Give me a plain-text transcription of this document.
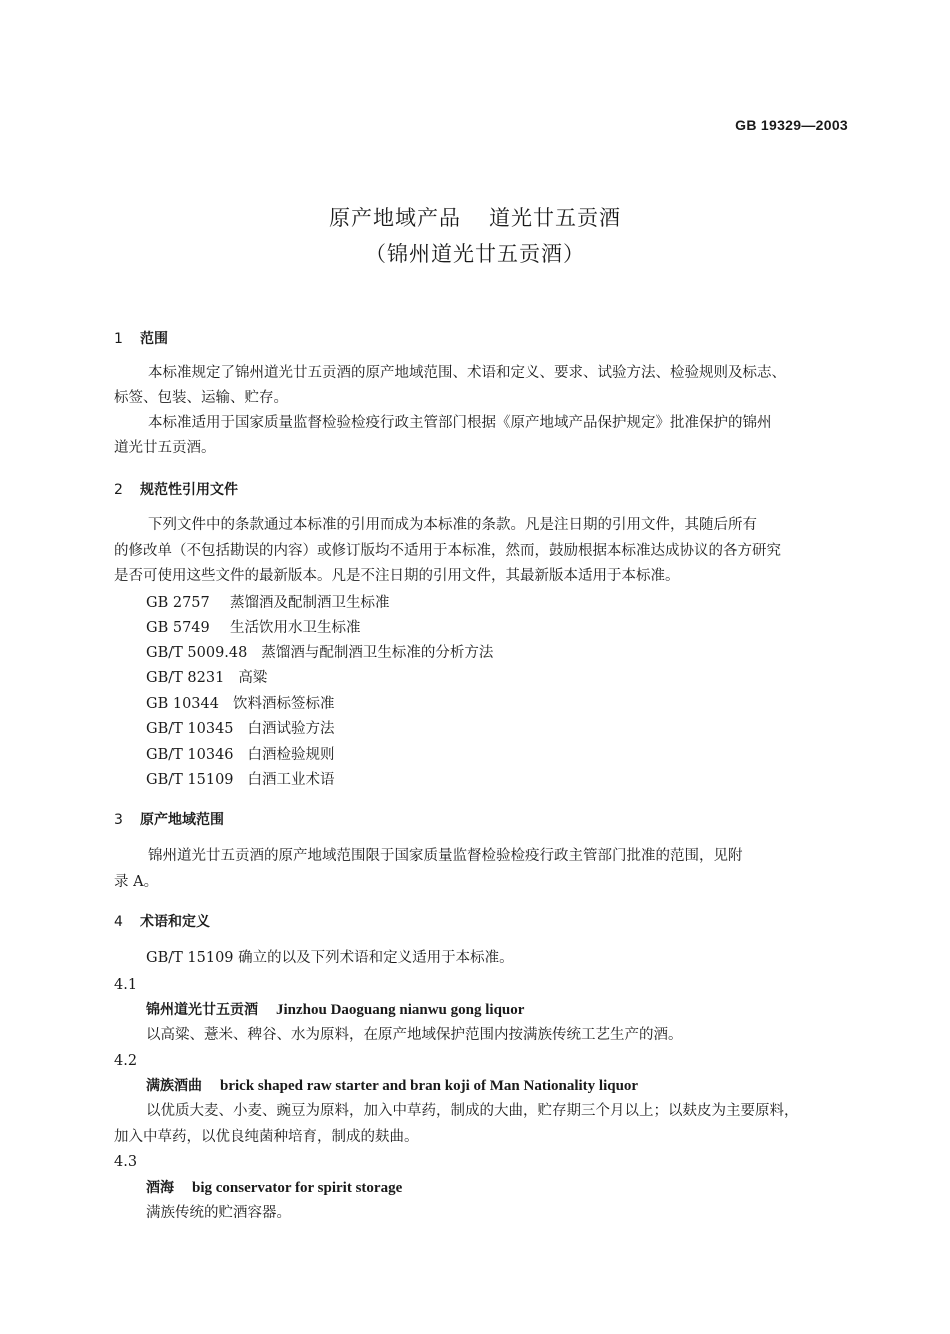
GB 19329—2003
原产地域产品 道光廿五贡酒
（锦州道光廿五贡酒）
1 范围
本标准规定了锦州道光廿五贡酒的原产地域范围、术语和定义、要求、试验方法、检验规则及标志、
标签、包装、运输、贮存。
本标准适用于国家质量监督检验检疫行政主管部门根据《原产地域产品保护规定》批准保护的锦州
道光廿五贡酒。
2 规范性引用文件
下列文件中的条款通过本标准的引用而成为本标准的条款。凡是注日期的引用文件，其随后所有
的修改单（不包括勘误的内容）或修订版均不适用于本标准，然而，鼓励根据本标准达成协议的各方研究
是否可使用这些文件的最新版本。凡是不注日期的引用文件，其最新版本适用于本标准。
GB 2757 蒸馏酒及配制酒卫生标准
GB 5749 生活饮用水卫生标准
GB/T 5009.48 蒸馏酒与配制酒卫生标准的分析方法
GB/T 8231 高粱
GB 10344 饮料酒标签标准
GB/T 10345 白酒试验方法
GB/T 10346 白酒检验规则
GB/T 15109 白酒工业术语
3 原产地域范围
锦州道光廿五贡酒的原产地域范围限于国家质量监督检验检疫行政主管部门批准的范围，见附
录 A。
4 术语和定义
GB/T 15109 确立的以及下列术语和定义适用于本标准。
4.1
锦州道光廿五贡酒 Jinzhou Daoguang nianwu gong liquor
以高粱、薏米、稗谷、水为原料，在原产地域保护范围内按满族传统工艺生产的酒。
4.2
满族酒曲 brick shaped raw starter and bran koji of Man Nationality liquor
以优质大麦、小麦、豌豆为原料，加入中草药，制成的大曲，贮存期三个月以上；以麸皮为主要原料，
加入中草药，以优良纯菌种培育，制成的麸曲。
4.3
酒海 big conservator for spirit storage
满族传统的贮酒容器。
